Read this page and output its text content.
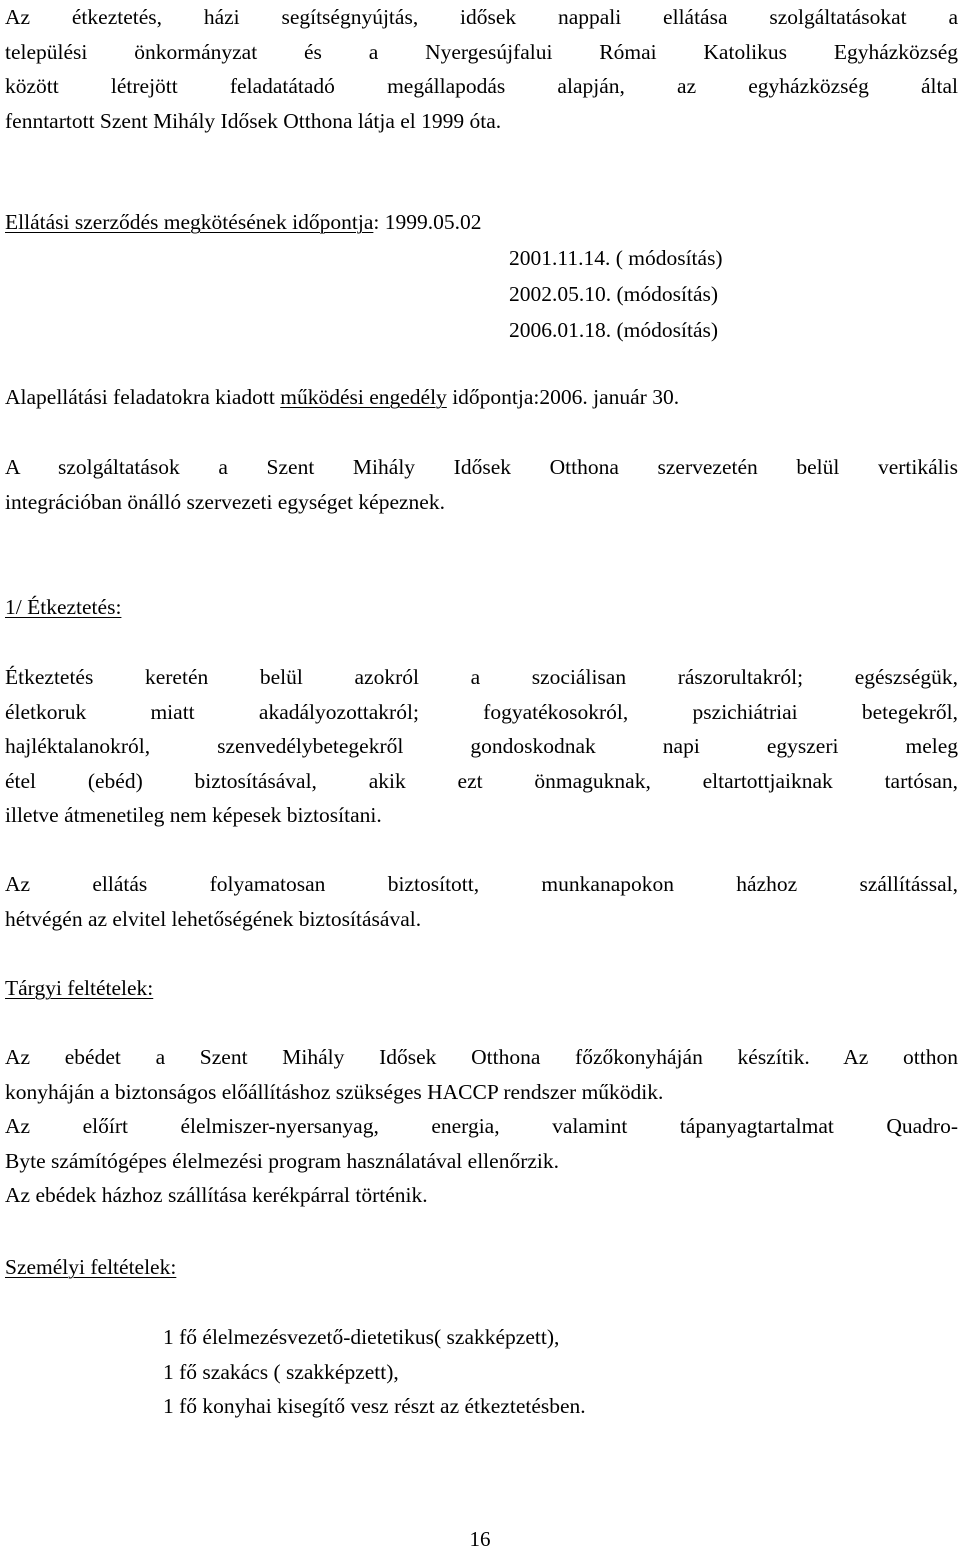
Az étkeztetés, házi segítségnyújtás, idősek nappali ellátása szolgáltatásokat a
települési önkormányzat és a Nyergesújfalui Római Katolikus Egyházközség
között létrejött feladatátadó megállapodás alapján, az egyházközség által
fenntartott Szent Mihály Idősek Otthona látja el 1999 óta.
Ellátási szerződés megkötésének időpontja: 1999.05.02
2001.11.14. ( módosítás)
2002.05.10. (módosítás)
2006.01.18. (módosítás)
Alapellátási feladatokra kiadott működési engedély időpontja:2006. január 30.
A szolgáltatások a Szent Mihály Idősek Otthona szervezetén belül vertikális
integrációban önálló szervezeti egységet képeznek.
1/ Étkeztetés:
Étkeztetés keretén belül azokról a szociálisan rászorultakról; egészségük,
életkoruk miatt akadályozottakról; fogyatékosokról, pszichiátriai betegekről,
hajléktalanokról, szenvedélybetegekről gondoskodnak napi egyszeri meleg
étel (ebéd) biztosításával, akik ezt önmaguknak, eltartottjaiknak tartósan,
illetve átmenetileg nem képesek biztosítani.
Az ellátás folyamatosan biztosított, munkanapokon házhoz szállítással,
hétvégén az elvitel lehetőségének biztosításával.
Tárgyi feltételek:
Az ebédet a Szent Mihály Idősek Otthona főzőkonyháján készítik. Az otthon
konyháján a biztonságos előállításhoz szükséges HACCP rendszer működik.
Az előírt élelmiszer-nyersanyag, energia, valamint tápanyagtartalmat Quadro-
Byte számítógépes élelmezési program használatával ellenőrzik.
Az ebédek házhoz szállítása kerékpárral történik.
Személyi feltételek:
1 fő élelmezésvezető-dietetikus( szakképzett),
1 fő szakács ( szakképzett),
1 fő konyhai kisegítő vesz részt az étkeztetésben.
16
